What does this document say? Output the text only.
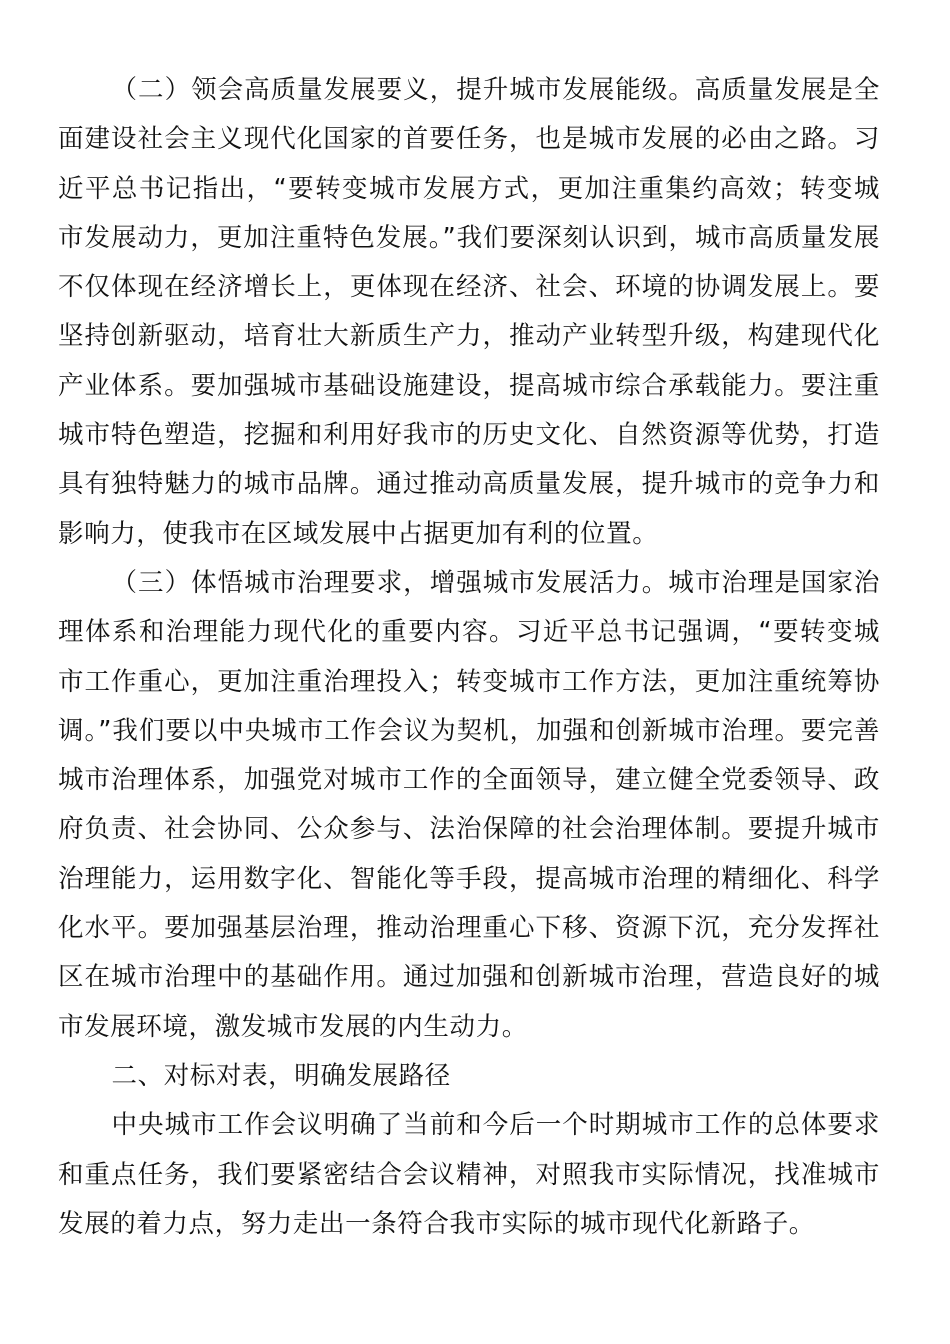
（二）领会高质量发展要义，提升城市发展能级。高质量发展是全面建设社会主义现代化国家的首要任务，也是城市发展的必由之路。习近平总书记指出，“要转变城市发展方式，更加注重集约高效；转变城市发展动力，更加注重特色发展。”我们要深刻认识到，城市高质量发展不仅体现在经济增长上，更体现在经济、社会、环境的协调发展上。要坚持创新驱动，培育壮大新质生产力，推动产业转型升级，构建现代化产业体系。要加强城市基础设施建设，提高城市综合承载能力。要注重城市特色塑造，挖掘和利用好我市的历史文化、自然资源等优势，打造具有独特魅力的城市品牌。通过推动高质量发展，提升城市的竞争力和影响力，使我市在区域发展中占据更加有利的位置。

（三）体悟城市治理要求，增强城市发展活力。城市治理是国家治理体系和治理能力现代化的重要内容。习近平总书记强调，“要转变城市工作重心，更加注重治理投入；转变城市工作方法，更加注重统筹协调。”我们要以中央城市工作会议为契机，加强和创新城市治理。要完善城市治理体系，加强党对城市工作的全面领导，建立健全党委领导、政府负责、社会协同、公众参与、法治保障的社会治理体制。要提升城市治理能力，运用数字化、智能化等手段，提高城市治理的精细化、科学化水平。要加强基层治理，推动治理重心下移、资源下沉，充分发挥社区在城市治理中的基础作用。通过加强和创新城市治理，营造良好的城市发展环境，激发城市发展的内生动力。

二、对标对表，明确发展路径

中央城市工作会议明确了当前和今后一个时期城市工作的总体要求和重点任务，我们要紧密结合会议精神，对照我市实际情况，找准城市发展的着力点，努力走出一条符合我市实际的城市现代化新路子。
